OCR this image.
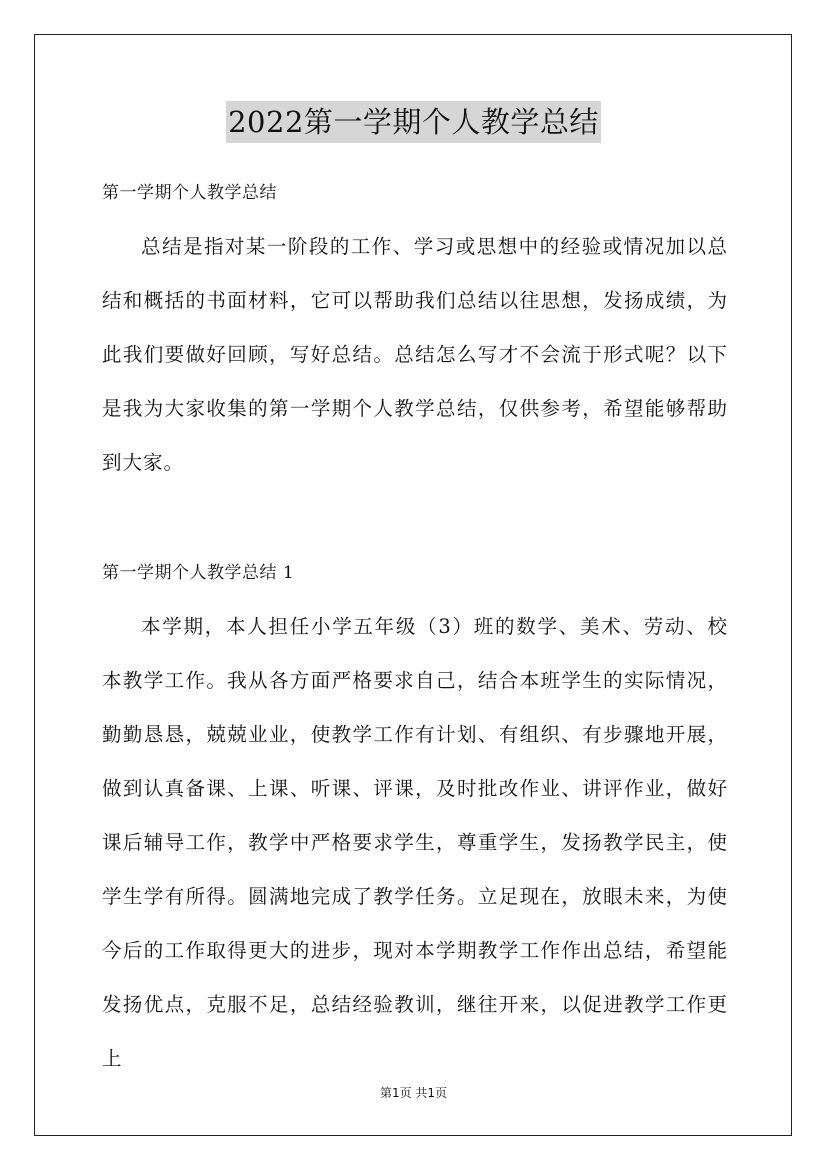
2022第一学期个人教学总结
第一学期个人教学总结

总结是指对某一阶段的工作、学习或思想中的经验或情况加以总结和概括的书面材料，它可以帮助我们总结以往思想，发扬成绩，为此我们要做好回顾，写好总结。总结怎么写才不会流于形式呢？以下是我为大家收集的第一学期个人教学总结，仅供参考，希望能够帮助到大家。

第一学期个人教学总结 1

本学期，本人担任小学五年级（3）班的数学、美术、劳动、校本教学工作。我从各方面严格要求自己，结合本班学生的实际情况，勤勤恳恳，兢兢业业，使教学工作有计划、有组织、有步骤地开展，做到认真备课、上课、听课、评课，及时批改作业、讲评作业，做好课后辅导工作，教学中严格要求学生，尊重学生，发扬教学民主，使学生学有所得。圆满地完成了教学任务。立足现在，放眼未来，为使今后的工作取得更大的进步，现对本学期教学工作作出总结，希望能发扬优点，克服不足，总结经验教训，继往开来，以促进教学工作更上

第1页 共1页
